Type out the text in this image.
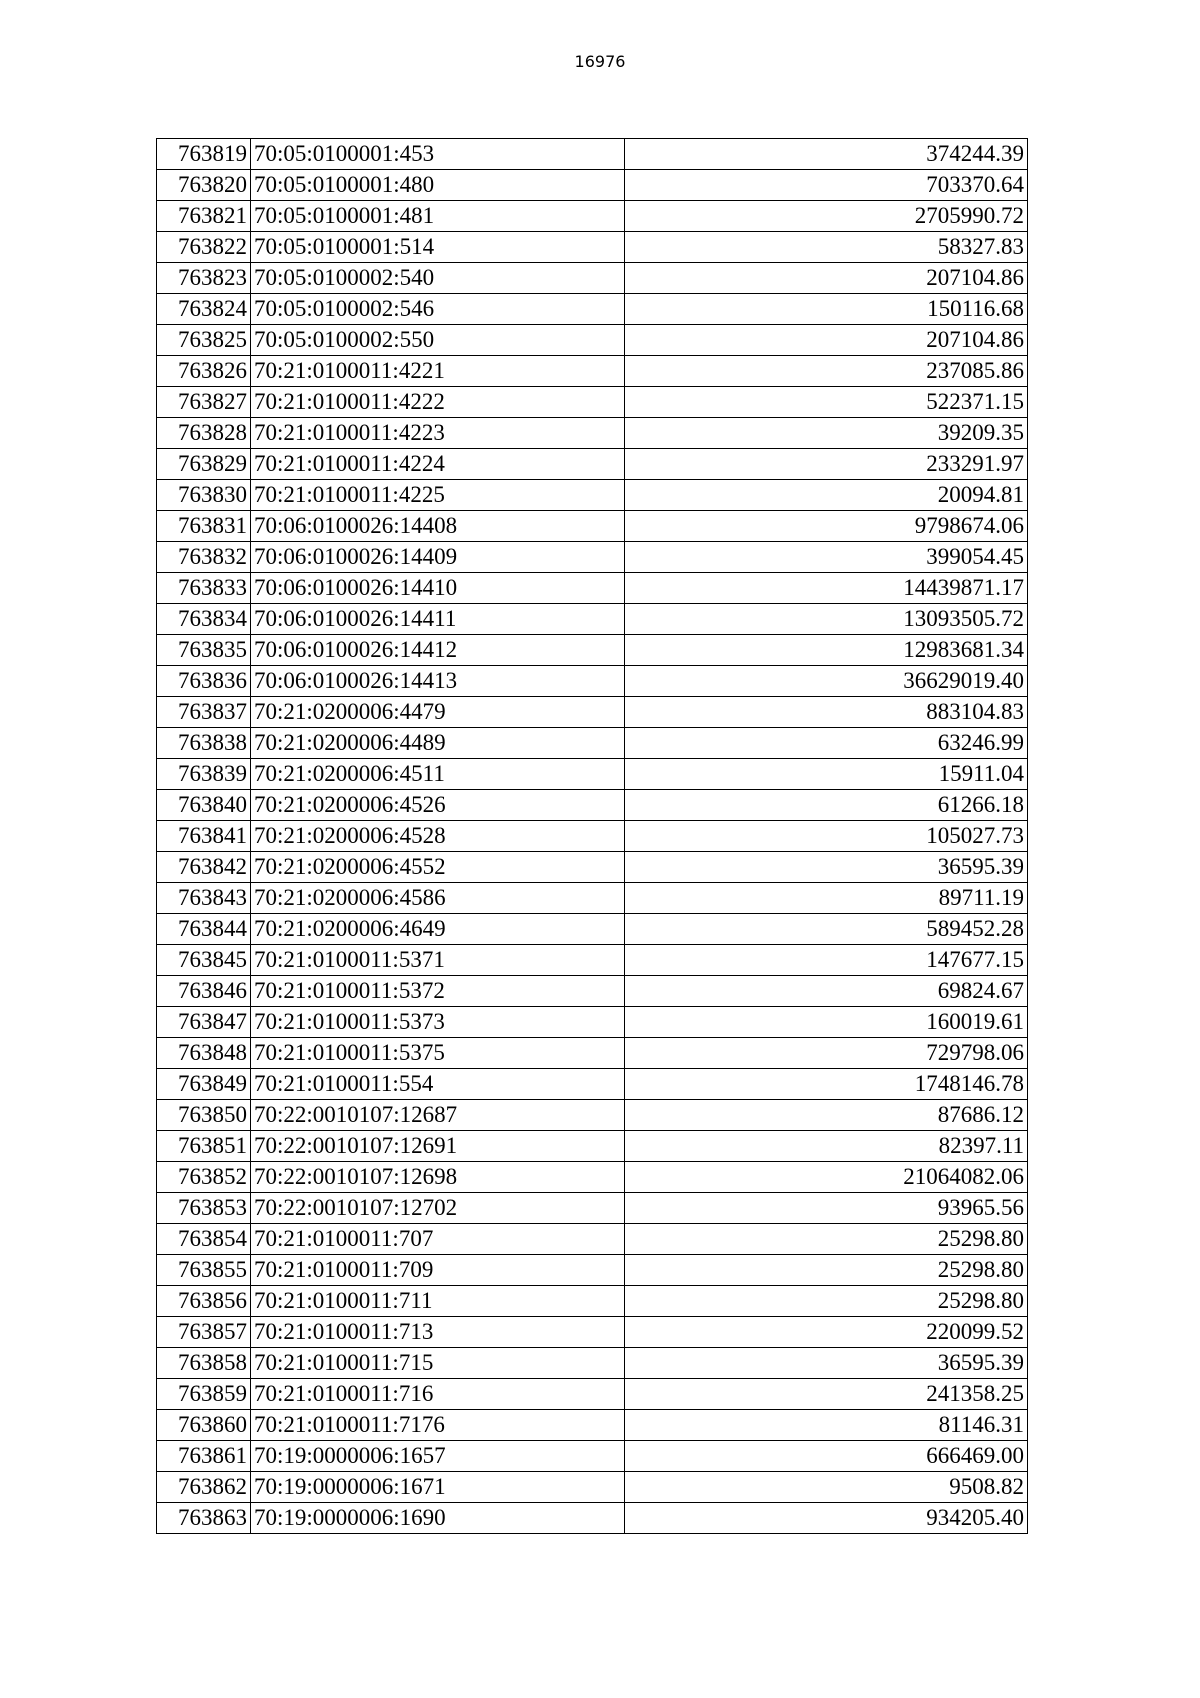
16976
763819	70:05:0100001:453	374244.39
763820	70:05:0100001:480	703370.64
763821	70:05:0100001:481	2705990.72
763822	70:05:0100001:514	58327.83
763823	70:05:0100002:540	207104.86
763824	70:05:0100002:546	150116.68
763825	70:05:0100002:550	207104.86
763826	70:21:0100011:4221	237085.86
763827	70:21:0100011:4222	522371.15
763828	70:21:0100011:4223	39209.35
763829	70:21:0100011:4224	233291.97
763830	70:21:0100011:4225	20094.81
763831	70:06:0100026:14408	9798674.06
763832	70:06:0100026:14409	399054.45
763833	70:06:0100026:14410	14439871.17
763834	70:06:0100026:14411	13093505.72
763835	70:06:0100026:14412	12983681.34
763836	70:06:0100026:14413	36629019.40
763837	70:21:0200006:4479	883104.83
763838	70:21:0200006:4489	63246.99
763839	70:21:0200006:4511	15911.04
763840	70:21:0200006:4526	61266.18
763841	70:21:0200006:4528	105027.73
763842	70:21:0200006:4552	36595.39
763843	70:21:0200006:4586	89711.19
763844	70:21:0200006:4649	589452.28
763845	70:21:0100011:5371	147677.15
763846	70:21:0100011:5372	69824.67
763847	70:21:0100011:5373	160019.61
763848	70:21:0100011:5375	729798.06
763849	70:21:0100011:554	1748146.78
763850	70:22:0010107:12687	87686.12
763851	70:22:0010107:12691	82397.11
763852	70:22:0010107:12698	21064082.06
763853	70:22:0010107:12702	93965.56
763854	70:21:0100011:707	25298.80
763855	70:21:0100011:709	25298.80
763856	70:21:0100011:711	25298.80
763857	70:21:0100011:713	220099.52
763858	70:21:0100011:715	36595.39
763859	70:21:0100011:716	241358.25
763860	70:21:0100011:7176	81146.31
763861	70:19:0000006:1657	666469.00
763862	70:19:0000006:1671	9508.82
763863	70:19:0000006:1690	934205.40
